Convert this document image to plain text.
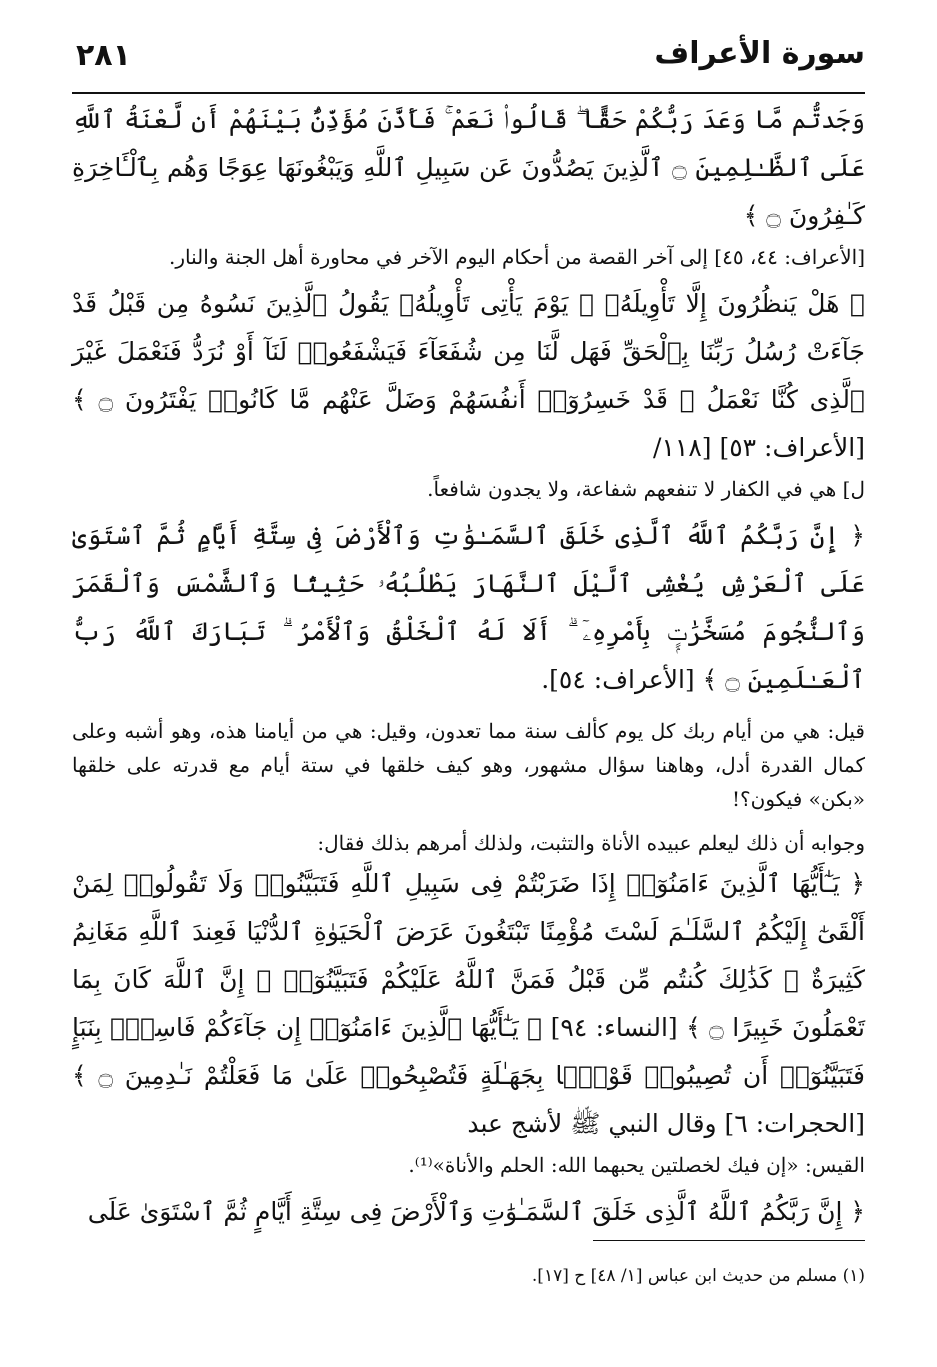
٢٨١	سورة الأعراف

وَجَدتُّم مَّا وَعَدَ رَبُّكُمْ حَقًّا ۖ قَالُوا۟ نَعَمْ ۚ فَأَذَّنَ مُؤَذِّنٌۢ بَيْنَهُمْ أَن لَّعْنَةُ ٱللَّهِ عَلَى ٱلظَّـٰلِمِينَ ۝ ٱلَّذِينَ يَصُدُّونَ عَن سَبِيلِ ٱللَّهِ وَيَبْغُونَهَا عِوَجًا وَهُم بِٱلْـَٔاخِرَةِ كَـٰفِرُونَ ۝ ﴾

[الأعراف: ٤٤، ٤٥] إلى آخر القصة من أحكام اليوم الآخر في محاورة أهل الجنة والنار.

﴿ هَلْ يَنظُرُونَ إِلَّا تَأْوِيلَهُۥ ۚ يَوْمَ يَأْتِى تَأْوِيلُهُۥ يَقُولُ ٱلَّذِينَ نَسُوهُ مِن قَبْلُ قَدْ جَآءَتْ رُسُلُ رَبِّنَا بِٱلْحَقِّ فَهَل لَّنَا مِن شُفَعَآءَ فَيَشْفَعُوا۟ لَنَآ أَوْ نُرَدُّ فَنَعْمَلَ غَيْرَ ٱلَّذِى كُنَّا نَعْمَلُ ۚ قَدْ خَسِرُوٓا۟ أَنفُسَهُمْ وَضَلَّ عَنْهُم مَّا كَانُوا۟ يَفْتَرُونَ ۝ ﴾ [الأعراف: ٥٣] [١١٨/

ل] هي في الكفار لا تنفعهم شفاعة، ولا يجدون شافعاً.

﴿ إِنَّ رَبَّكُمُ ٱللَّهُ ٱلَّذِى خَلَقَ ٱلسَّمَـٰوَٰتِ وَٱلْأَرْضَ فِى سِتَّةِ أَيَّامٍ ثُمَّ ٱسْتَوَىٰ عَلَى ٱلْعَرْشِ يُغْشِى ٱلَّيْلَ ٱلنَّهَارَ يَطْلُبُهُۥ حَثِيثًا وَٱلشَّمْسَ وَٱلْقَمَرَ وَٱلنُّجُومَ مُسَخَّرَٰتٍۭ بِأَمْرِهِۦٓ ۗ أَلَا لَهُ ٱلْخَلْقُ وَٱلْأَمْرُ ۗ تَبَارَكَ ٱللَّهُ رَبُّ ٱلْعَـٰلَمِينَ ۝ ﴾ [الأعراف: ٥٤].

قيل: هي من أيام ربك كل يوم كألف سنة مما تعدون، وقيل: هي من أيامنا هذه، وهو أشبه وعلى كمال القدرة أدل، وهاهنا سؤال مشهور، وهو كيف خلقها في ستة أيام مع قدرته على خلقها «بكن» فيكون؟!

وجوابه أن ذلك ليعلم عبيده الأناة والتثبت، ولذلك أمرهم بذلك فقال:

﴿ يَـٰٓأَيُّهَا ٱلَّذِينَ ءَامَنُوٓا۟ إِذَا ضَرَبْتُمْ فِى سَبِيلِ ٱللَّهِ فَتَبَيَّنُوا۟ وَلَا تَقُولُوا۟ لِمَنْ أَلْقَىٰٓ إِلَيْكُمُ ٱلسَّلَـٰمَ لَسْتَ مُؤْمِنًا تَبْتَغُونَ عَرَضَ ٱلْحَيَوٰةِ ٱلدُّنْيَا فَعِندَ ٱللَّهِ مَغَانِمُ كَثِيرَةٌ ۚ كَذَٰلِكَ كُنتُم مِّن قَبْلُ فَمَنَّ ٱللَّهُ عَلَيْكُمْ فَتَبَيَّنُوٓا۟ ۚ إِنَّ ٱللَّهَ كَانَ بِمَا تَعْمَلُونَ خَبِيرًا ۝ ﴾ [النساء: ٩٤] ﴿ يَـٰٓأَيُّهَا ٱلَّذِينَ ءَامَنُوٓا۟ إِن جَآءَكُمْ فَاسِقٌۢ بِنَبَإٍ فَتَبَيَّنُوٓا۟ أَن تُصِيبُوا۟ قَوْمًۢا بِجَهَـٰلَةٍ فَتُصْبِحُوا۟ عَلَىٰ مَا فَعَلْتُمْ نَـٰدِمِينَ ۝ ﴾ [الحجرات: ٦] وقال النبي ﷺ لأشج عبد

القيس: «إن فيك لخصلتين يحبهما الله: الحلم والأناة»⁽¹⁾.

﴿ إِنَّ رَبَّكُمُ ٱللَّهُ ٱلَّذِى خَلَقَ ٱلسَّمَـٰوَٰتِ وَٱلْأَرْضَ فِى سِتَّةِ أَيَّامٍ ثُمَّ ٱسْتَوَىٰ عَلَى

(١) مسلم من حديث ابن عباس [١/ ٤٨] ح [١٧].
